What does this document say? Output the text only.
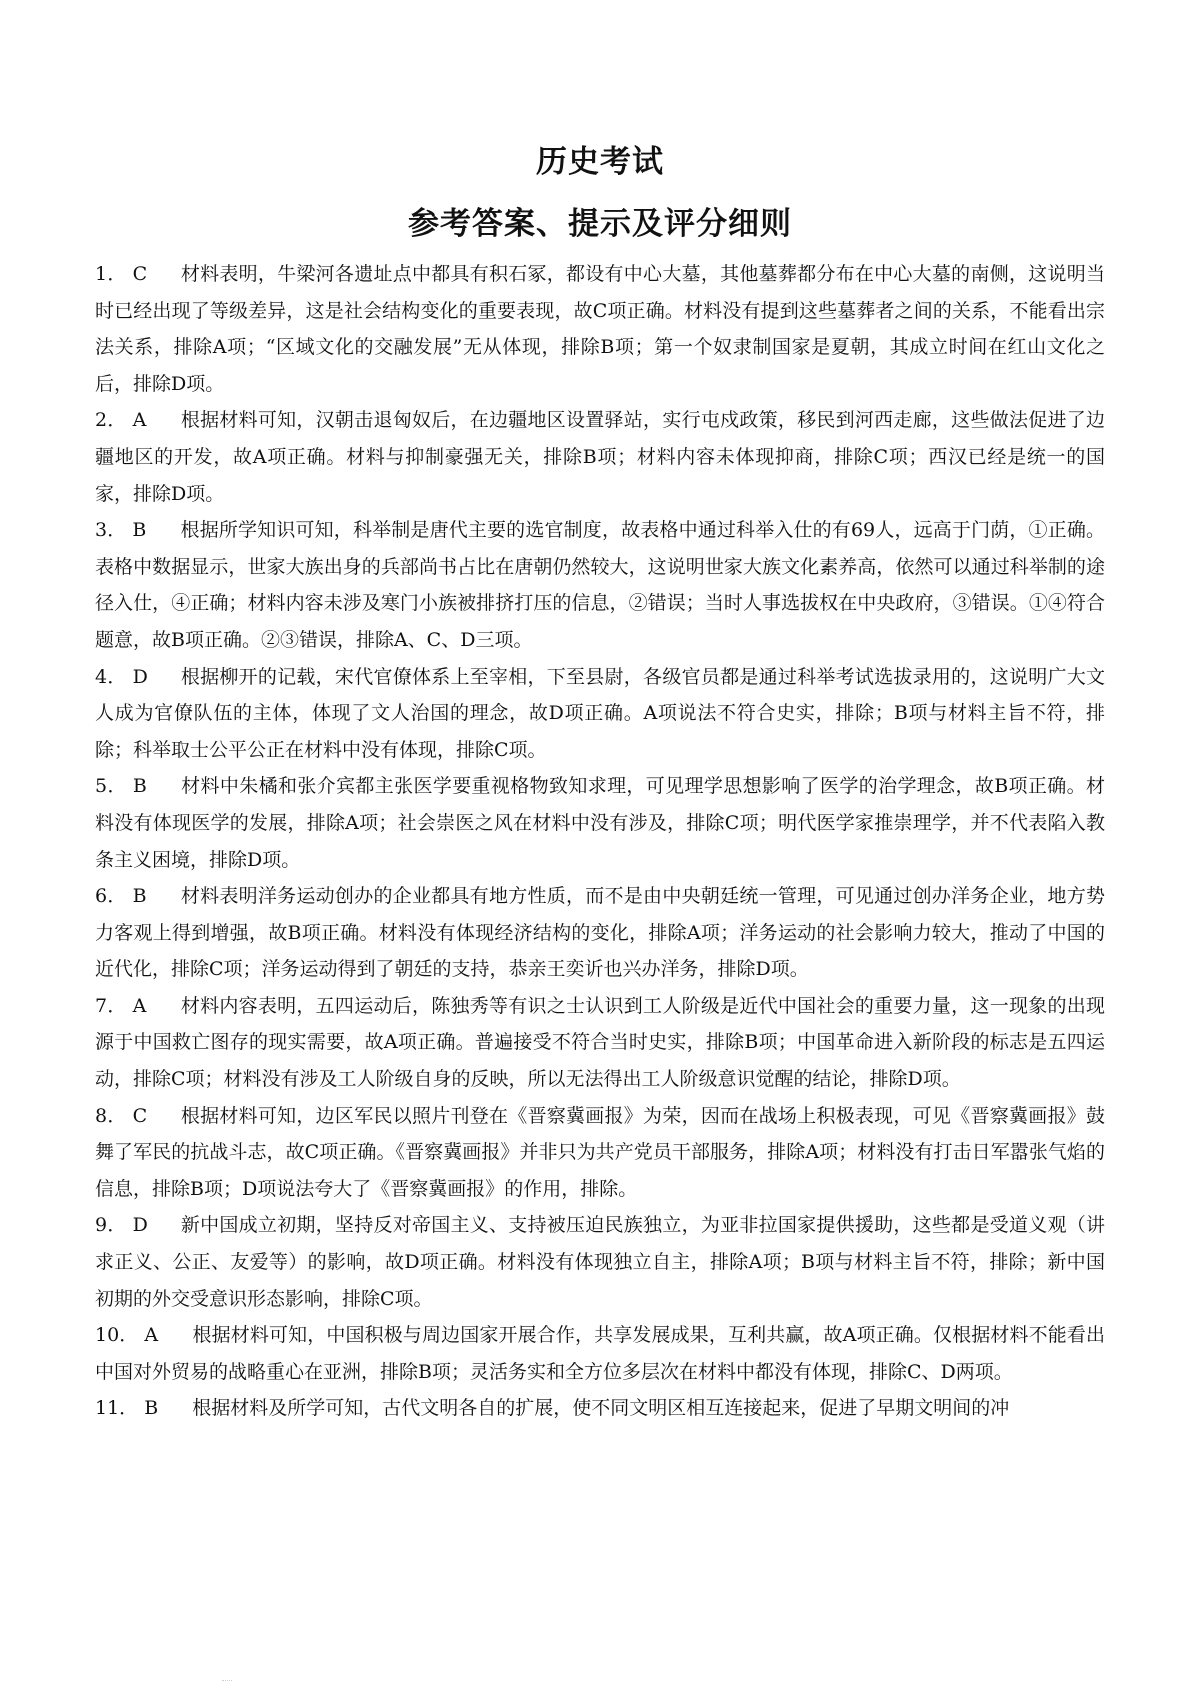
历史考试
参考答案、提示及评分细则

1． C 材料表明，牛梁河各遗址点中都具有积石冢，都设有中心大墓，其他墓葬都分布在中心大墓的南侧，这说明当时已经出现了等级差异，这是社会结构变化的重要表现，故C项正确。材料没有提到这些墓葬者之间的关系，不能看出宗法关系，排除A项；“区域文化的交融发展”无从体现，排除B项；第一个奴隶制国家是夏朝，其成立时间在红山文化之后，排除D项。

2． A 根据材料可知，汉朝击退匈奴后，在边疆地区设置驿站，实行屯戍政策，移民到河西走廊，这些做法促进了边疆地区的开发，故A项正确。材料与抑制豪强无关，排除B项；材料内容未体现抑商，排除C项；西汉已经是统一的国家，排除D项。

3． B 根据所学知识可知，科举制是唐代主要的选官制度，故表格中通过科举入仕的有69人，远高于门荫，①正确。表格中数据显示，世家大族出身的兵部尚书占比在唐朝仍然较大，这说明世家大族文化素养高，依然可以通过科举制的途径入仕，④正确；材料内容未涉及寒门小族被排挤打压的信息，②错误；当时人事选拔权在中央政府，③错误。①④符合题意，故B项正确。②③错误，排除A、C、D三项。

4． D 根据柳开的记载，宋代官僚体系上至宰相，下至县尉，各级官员都是通过科举考试选拔录用的，这说明广大文人成为官僚队伍的主体，体现了文人治国的理念，故D项正确。A项说法不符合史实，排除；B项与材料主旨不符，排除；科举取士公平公正在材料中没有体现，排除C项。

5． B 材料中朱橘和张介宾都主张医学要重视格物致知求理，可见理学思想影响了医学的治学理念，故B项正确。材料没有体现医学的发展，排除A项；社会崇医之风在材料中没有涉及，排除C项；明代医学家推崇理学，并不代表陷入教条主义困境，排除D项。

6． B 材料表明洋务运动创办的企业都具有地方性质，而不是由中央朝廷统一管理，可见通过创办洋务企业，地方势力客观上得到增强，故B项正确。材料没有体现经济结构的变化，排除A项；洋务运动的社会影响力较大，推动了中国的近代化，排除C项；洋务运动得到了朝廷的支持，恭亲王奕䜣也兴办洋务，排除D项。

7． A 材料内容表明，五四运动后，陈独秀等有识之士认识到工人阶级是近代中国社会的重要力量，这一现象的出现源于中国救亡图存的现实需要，故A项正确。普遍接受不符合当时史实，排除B项；中国革命进入新阶段的标志是五四运动，排除C项；材料没有涉及工人阶级自身的反映，所以无法得出工人阶级意识觉醒的结论，排除D项。

8． C 根据材料可知，边区军民以照片刊登在《晋察冀画报》为荣，因而在战场上积极表现，可见《晋察冀画报》鼓舞了军民的抗战斗志，故C项正确。《晋察冀画报》并非只为共产党员干部服务，排除A项；材料没有打击日军嚣张气焰的信息，排除B项；D项说法夸大了《晋察冀画报》的作用，排除。

9． D 新中国成立初期，坚持反对帝国主义、支持被压迫民族独立，为亚非拉国家提供援助，这些都是受道义观（讲求正义、公正、友爱等）的影响，故D项正确。材料没有体现独立自主，排除A项；B项与材料主旨不符，排除；新中国初期的外交受意识形态影响，排除C项。

10． A 根据材料可知，中国积极与周边国家开展合作，共享发展成果，互利共赢，故A项正确。仅根据材料不能看出中国对外贸易的战略重心在亚洲，排除B项；灵活务实和全方位多层次在材料中都没有体现，排除C、D两项。

11． B 根据材料及所学可知，古代文明各自的扩展，使不同文明区相互连接起来，促进了早期文明间的冲
